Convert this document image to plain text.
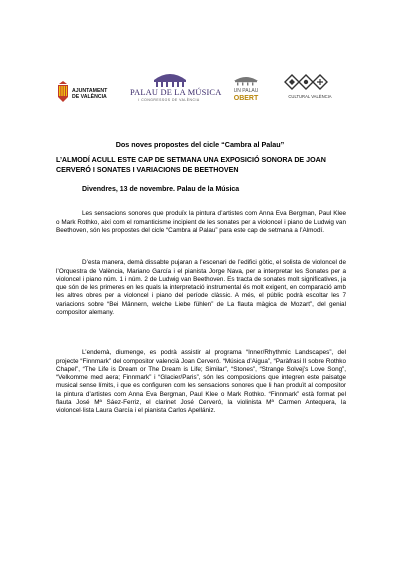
AJUNTAMENT
DE VALÈNCIA
PALAU DE LA MÚSICA
I CONGRESSOS DE VALÈNCIA
UN PALAU
OBERT	CULTURAL VALÈNCIA
Dos noves propostes del cicle “Cambra al Palau”
L’ALMODÍ ACULL ESTE CAP DE SETMANA UNA EXPOSICIÓ SONORA DE JOAN CERVERÓ I SONATES I VARIACIONS DE BEETHOVEN
Divendres, 13 de novembre. Palau de la Música

Les sensacions sonores que produïx la pintura d’artistes com Anna Eva Bergman, Paul Klee o Mark Rothko, així com el romanticisme incipient de les sonates per a violoncel i piano de Ludwig van Beethoven, són les propostes del cicle “Cambra al Palau” para este cap de setmana a l’Almodí.

D’esta manera, demà dissabte pujaran a l’escenari de l’edifici gòtic, el solista de violoncel de l’Orquestra de València, Mariano García i el pianista Jorge Nava, per a interpretar les Sonates per a violoncel i piano núm. 1 i núm. 2 de Ludwig van Beethoven. Es tracta de sonates molt significatives, ja que són de les primeres en les quals la interpretació instrumental és molt exigent, en comparació amb les altres obres per a violoncel i piano del període clàssic. A més, el públic podrà escoltar les 7 variacions sobre “Bei Männern, welche Liebe fühlen” de La flauta màgica de Mozart”, del genial compositor alemany.

L’endemà, diumenge, es podrà assistir al programa “Inner/Rhythmic Landscapes”, del projecte “Finnmark” del compositor valencià Joan Cerveró. “Música d’Aigua”, “Paràfrasi II sobre Rothko Chapel”, “The Life is Dream or The Dream is Life; Similar”, “Stones”, “Strange Solvej’s Love Song”, “Velkomme med aera; Finnmark” i “Glacier/Paris”, són les composicions que integren este paisatge musical sense límits, i que es configuren com les sensacions sonores que li han produït al compositor la pintura d’artistes com Anna Eva Bergman, Paul Klee o Mark Rothko. “Finnmark” està format pel flauta José Mª Sáez-Ferriz, el clarinet José Cerveró, la violinista Mª Carmen Antequera, la violoncel·lista Laura García i el pianista Carlos Apellániz.
